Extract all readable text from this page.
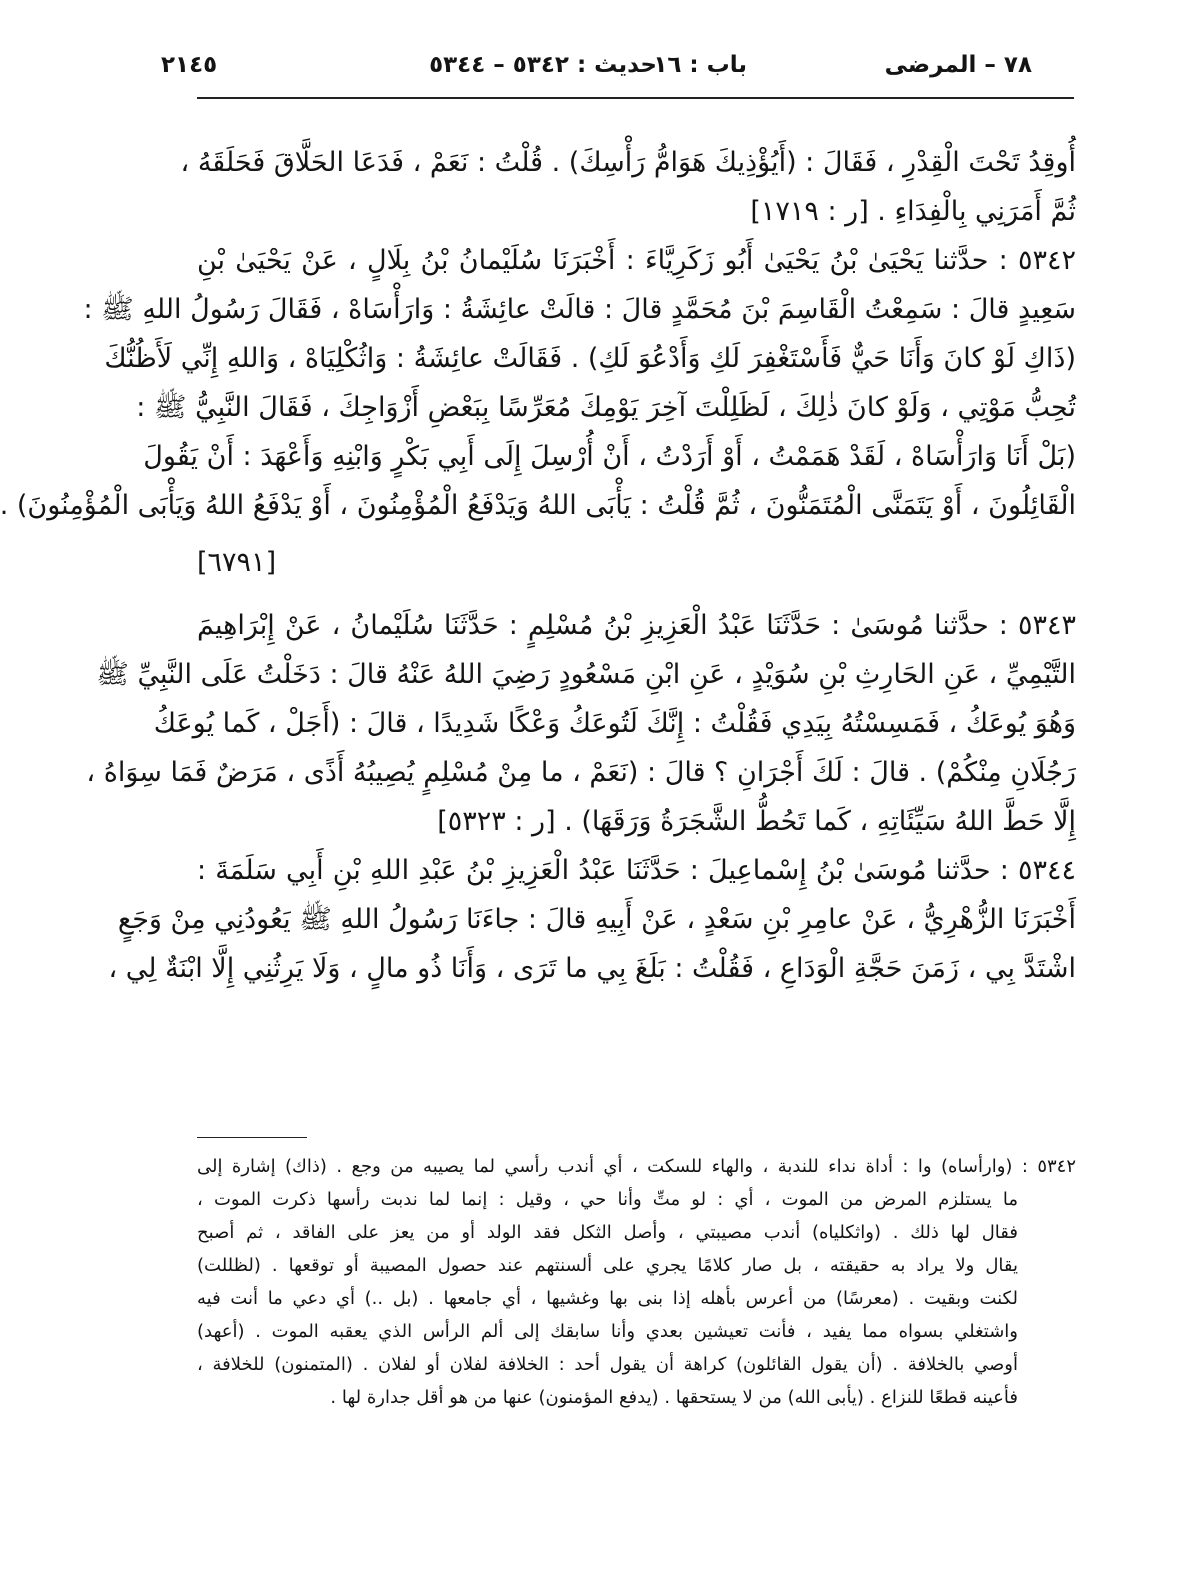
٧٨ – المرضى
باب : ١٦
حديث : ٥٣٤٢ – ٥٣٤٤
٢١٤٥
أُوقِدُ تَحْتَ الْقِدْرِ ، فَقَالَ : (أَيُؤْذِيكَ هَوَامُّ رَأْسِكَ) . قُلْتُ : نَعَمْ ، فَدَعَا الحَلَّاقَ فَحَلَقَهُ ،
ثُمَّ أَمَرَنِي بِالْفِدَاءِ . [ر : ١٧١٩]
٥٣٤٢ : حدَّثنا يَحْيَىٰ بْنُ يَحْيَىٰ أَبُو زَكَرِيَّاءَ : أَخْبَرَنَا سُلَيْمانُ بْنُ بِلَالٍ ، عَنْ يَحْيَىٰ بْنِ
سَعِيدٍ قالَ : سَمِعْتُ الْقَاسِمَ بْنَ مُحَمَّدٍ قالَ : قالَتْ عائِشَةُ : وَارَأْسَاهْ ، فَقَالَ رَسُولُ اللهِ ﷺ :
(ذَاكِ لَوْ كانَ وَأَنَا حَيٌّ فَأَسْتَغْفِرَ لَكِ وَأَدْعُوَ لَكِ) . فَقَالَتْ عائِشَةُ : وَاثُكْلِيَاهْ ، وَاللهِ إِنِّي لَأَظُنُّكَ
تُحِبُّ مَوْتِي ، وَلَوْ كانَ ذٰلِكَ ، لَظَلِلْتَ آخِرَ يَوْمِكَ مُعَرِّسًا بِبَعْضِ أَزْوَاجِكَ ، فَقَالَ النَّبِيُّ ﷺ :
(بَلْ أَنَا وَارَأْسَاهْ ، لَقَدْ هَمَمْتُ ، أَوْ أَرَدْتُ ، أَنْ أُرْسِلَ إِلَى أَبِي بَكْرٍ وَابْنِهِ وَأَعْهَدَ : أَنْ يَقُولَ
الْقَائِلُونَ ، أَوْ يَتَمَنَّى الْمُتَمَنُّونَ ، ثُمَّ قُلْتُ : يَأْبَى اللهُ وَيَدْفَعُ الْمُؤْمِنُونَ ، أَوْ يَدْفَعُ اللهُ وَيَأْبَى الْمُؤْمِنُونَ) .
[٦٧٩١]
٥٣٤٣ : حدَّثنا مُوسَىٰ : حَدَّثَنَا عَبْدُ الْعَزِيزِ بْنُ مُسْلِمٍ : حَدَّثَنَا سُلَيْمانُ ، عَنْ إِبْرَاهِيمَ
التَّيْمِيِّ ، عَنِ الحَارِثِ بْنِ سُوَيْدٍ ، عَنِ ابْنِ مَسْعُودٍ رَضِيَ اللهُ عَنْهُ قالَ : دَخَلْتُ عَلَى النَّبِيِّ ﷺ
وَهُوَ يُوعَكُ ، فَمَسِسْتُهُ بِيَدِي فَقُلْتُ : إِنَّكَ لَتُوعَكُ وَعْكًا شَدِيدًا ، قالَ : (أَجَلْ ، كَما يُوعَكُ
رَجُلَانِ مِنْكُمْ) . قالَ : لَكَ أَجْرَانِ ؟ قالَ : (نَعَمْ ، ما مِنْ مُسْلِمٍ يُصِيبُهُ أَذًى ، مَرَضٌ فَمَا سِوَاهُ ،
إِلَّا حَطَّ اللهُ سَيِّئَاتِهِ ، كَما تَحُطُّ الشَّجَرَةُ وَرَقَهَا) . [ر : ٥٣٢٣]
٥٣٤٤ : حدَّثنا مُوسَىٰ بْنُ إِسْماعِيلَ : حَدَّثَنَا عَبْدُ الْعَزِيزِ بْنُ عَبْدِ اللهِ بْنِ أَبِي سَلَمَةَ :
أَخْبَرَنَا الزُّهْرِيُّ ، عَنْ عامِرِ بْنِ سَعْدٍ ، عَنْ أَبِيهِ قالَ : جاءَنَا رَسُولُ اللهِ ﷺ يَعُودُنِي مِنْ وَجَعٍ
اشْتَدَّ بِي ، زَمَنَ حَجَّةِ الْوَدَاعِ ، فَقُلْتُ : بَلَغَ بِي ما تَرَى ، وَأَنَا ذُو مالٍ ، وَلَا يَرِثُنِي إِلَّا ابْنَةٌ لِي ،
٥٣٤٢ : (وارأساه) وا : أداة نداء للندبة ، والهاء للسكت ، أي أندب رأسي لما يصيبه من وجع . (ذاك) إشارة إلى
ما يستلزم المرض من الموت ، أي : لو متِّ وأنا حي ، وقيل : إنما لما ندبت رأسها ذكرت الموت ،
فقال لها ذلك . (واثكلياه) أندب مصيبتي ، وأصل الثكل فقد الولد أو من يعز على الفاقد ، ثم أصبح
يقال ولا يراد به حقيقته ، بل صار كلامًا يجري على ألسنتهم عند حصول المصيبة أو توقعها . (لظللت)
لكنت وبقيت . (معرسًا) من أعرس بأهله إذا بنى بها وغشيها ، أي جامعها . (بل ..) أي دعي ما أنت فيه
واشتغلي بسواه مما يفيد ، فأنت تعيشين بعدي وأنا سابقك إلى ألم الرأس الذي يعقبه الموت . (أعهد)
أوصي بالخلافة . (أن يقول القائلون) كراهة أن يقول أحد : الخلافة لفلان أو لفلان . (المتمنون) للخلافة ،
فأعينه قطعًا للنزاع . (يأبى الله) من لا يستحقها . (يدفع المؤمنون) عنها من هو أقل جدارة لها .
